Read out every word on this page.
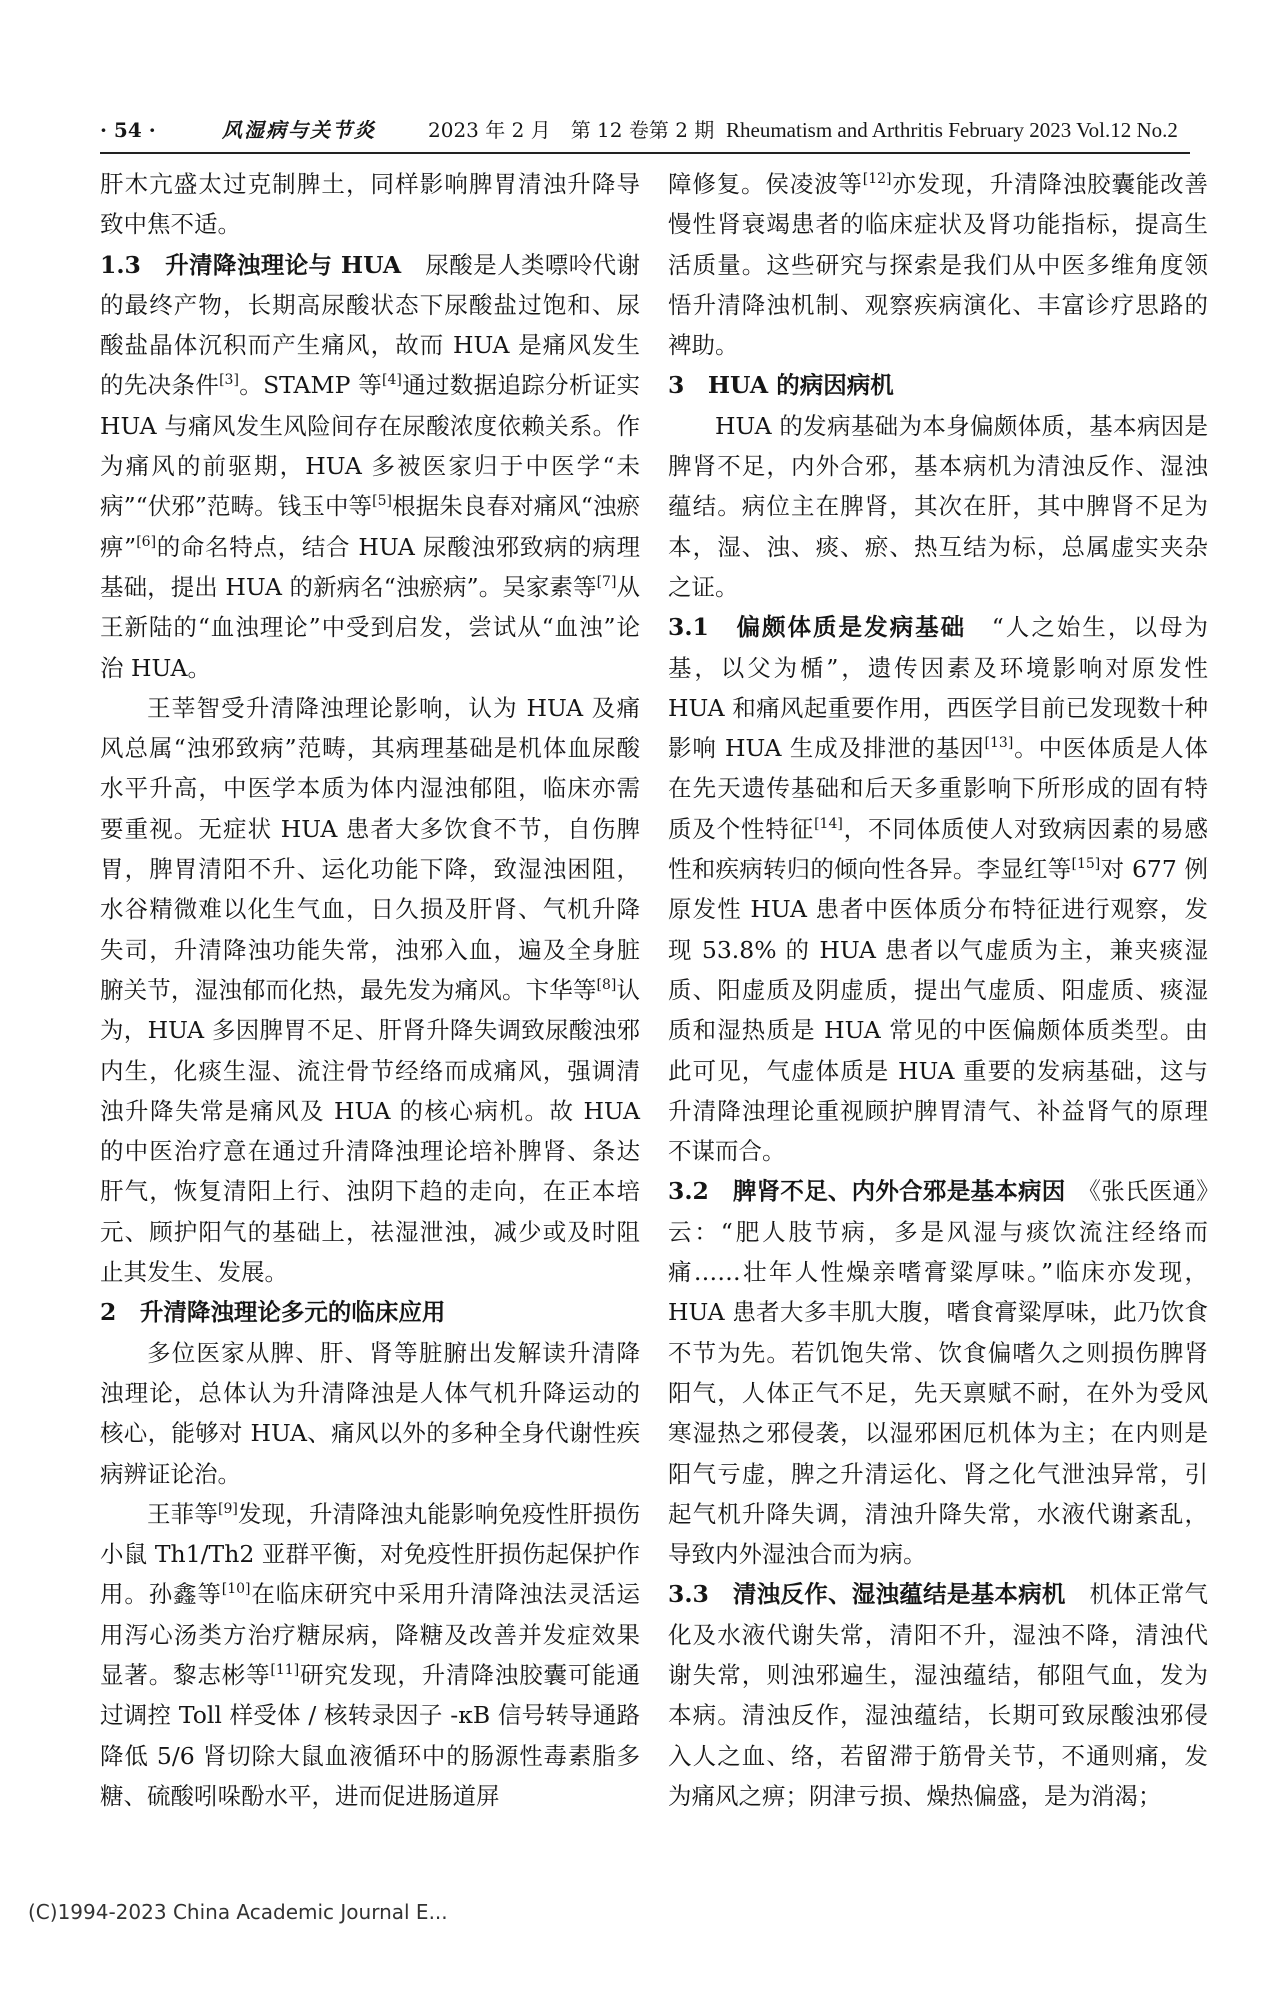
· 54 ·	风湿病与关节炎	2023 年 2 月　第 12 卷第 2 期 Rheumatism and Arthritis February 2023 Vol.12 No.2

肝木亢盛太过克制脾土，同样影响脾胃清浊升降导致中焦不适。

1.3　升清降浊理论与 HUA　尿酸是人类嘌呤代谢的最终产物，长期高尿酸状态下尿酸盐过饱和、尿酸盐晶体沉积而产生痛风，故而 HUA 是痛风发生的先决条件[3]。STAMP 等[4]通过数据追踪分析证实 HUA 与痛风发生风险间存在尿酸浓度依赖关系。作为痛风的前驱期，HUA 多被医家归于中医学“未病”“伏邪”范畴。钱玉中等[5]根据朱良春对痛风“浊瘀痹”[6]的命名特点，结合 HUA 尿酸浊邪致病的病理基础，提出 HUA 的新病名“浊瘀病”。吴家素等[7]从王新陆的“血浊理论”中受到启发，尝试从“血浊”论治 HUA。

王莘智受升清降浊理论影响，认为 HUA 及痛风总属“浊邪致病”范畴，其病理基础是机体血尿酸水平升高，中医学本质为体内湿浊郁阻，临床亦需要重视。无症状 HUA 患者大多饮食不节，自伤脾胃，脾胃清阳不升、运化功能下降，致湿浊困阻，水谷精微难以化生气血，日久损及肝肾、气机升降失司，升清降浊功能失常，浊邪入血，遍及全身脏腑关节，湿浊郁而化热，最先发为痛风。卞华等[8]认为，HUA 多因脾胃不足、肝肾升降失调致尿酸浊邪内生，化痰生湿、流注骨节经络而成痛风，强调清浊升降失常是痛风及 HUA 的核心病机。故 HUA 的中医治疗意在通过升清降浊理论培补脾肾、条达肝气，恢复清阳上行、浊阴下趋的走向，在正本培元、顾护阳气的基础上，祛湿泄浊，减少或及时阻止其发生、发展。

2　升清降浊理论多元的临床应用

多位医家从脾、肝、肾等脏腑出发解读升清降浊理论，总体认为升清降浊是人体气机升降运动的核心，能够对 HUA、痛风以外的多种全身代谢性疾病辨证论治。

王菲等[9]发现，升清降浊丸能影响免疫性肝损伤小鼠 Th1/Th2 亚群平衡，对免疫性肝损伤起保护作用。孙鑫等[10]在临床研究中采用升清降浊法灵活运用泻心汤类方治疗糖尿病，降糖及改善并发症效果显著。黎志彬等[11]研究发现，升清降浊胶囊可能通过调控 Toll 样受体 / 核转录因子 -κB 信号转导通路降低 5/6 肾切除大鼠血液循环中的肠源性毒素脂多糖、硫酸吲哚酚水平，进而促进肠道屏

障修复。侯凌波等[12]亦发现，升清降浊胶囊能改善慢性肾衰竭患者的临床症状及肾功能指标，提高生活质量。这些研究与探索是我们从中医多维角度领悟升清降浊机制、观察疾病演化、丰富诊疗思路的裨助。

3　HUA 的病因病机

HUA 的发病基础为本身偏颇体质，基本病因是脾肾不足，内外合邪，基本病机为清浊反作、湿浊蕴结。病位主在脾肾，其次在肝，其中脾肾不足为本，湿、浊、痰、瘀、热互结为标，总属虚实夹杂之证。

3.1　偏颇体质是发病基础　“人之始生，以母为基，以父为楯”，遗传因素及环境影响对原发性 HUA 和痛风起重要作用，西医学目前已发现数十种影响 HUA 生成及排泄的基因[13]。中医体质是人体在先天遗传基础和后天多重影响下所形成的固有特质及个性特征[14]，不同体质使人对致病因素的易感性和疾病转归的倾向性各异。李显红等[15]对 677 例原发性 HUA 患者中医体质分布特征进行观察，发现 53.8% 的 HUA 患者以气虚质为主，兼夹痰湿质、阳虚质及阴虚质，提出气虚质、阳虚质、痰湿质和湿热质是 HUA 常见的中医偏颇体质类型。由此可见，气虚体质是 HUA 重要的发病基础，这与升清降浊理论重视顾护脾胃清气、补益肾气的原理不谋而合。

3.2　脾肾不足、内外合邪是基本病因　《张氏医通》云：“肥人肢节病，多是风湿与痰饮流注经络而痛……壮年人性燥亲嗜膏粱厚味。”临床亦发现，HUA 患者大多丰肌大腹，嗜食膏粱厚味，此乃饮食不节为先。若饥饱失常、饮食偏嗜久之则损伤脾肾阳气，人体正气不足，先天禀赋不耐，在外为受风寒湿热之邪侵袭，以湿邪困厄机体为主；在内则是阳气亏虚，脾之升清运化、肾之化气泄浊异常，引起气机升降失调，清浊升降失常，水液代谢紊乱，导致内外湿浊合而为病。

3.3　清浊反作、湿浊蕴结是基本病机　机体正常气化及水液代谢失常，清阳不升，湿浊不降，清浊代谢失常，则浊邪遍生，湿浊蕴结，郁阻气血，发为本病。清浊反作，湿浊蕴结，长期可致尿酸浊邪侵入人之血、络，若留滞于筋骨关节，不通则痛，发为痛风之痹；阴津亏损、燥热偏盛，是为消渴；

(C)1994-2023 China Academic Journal E...
